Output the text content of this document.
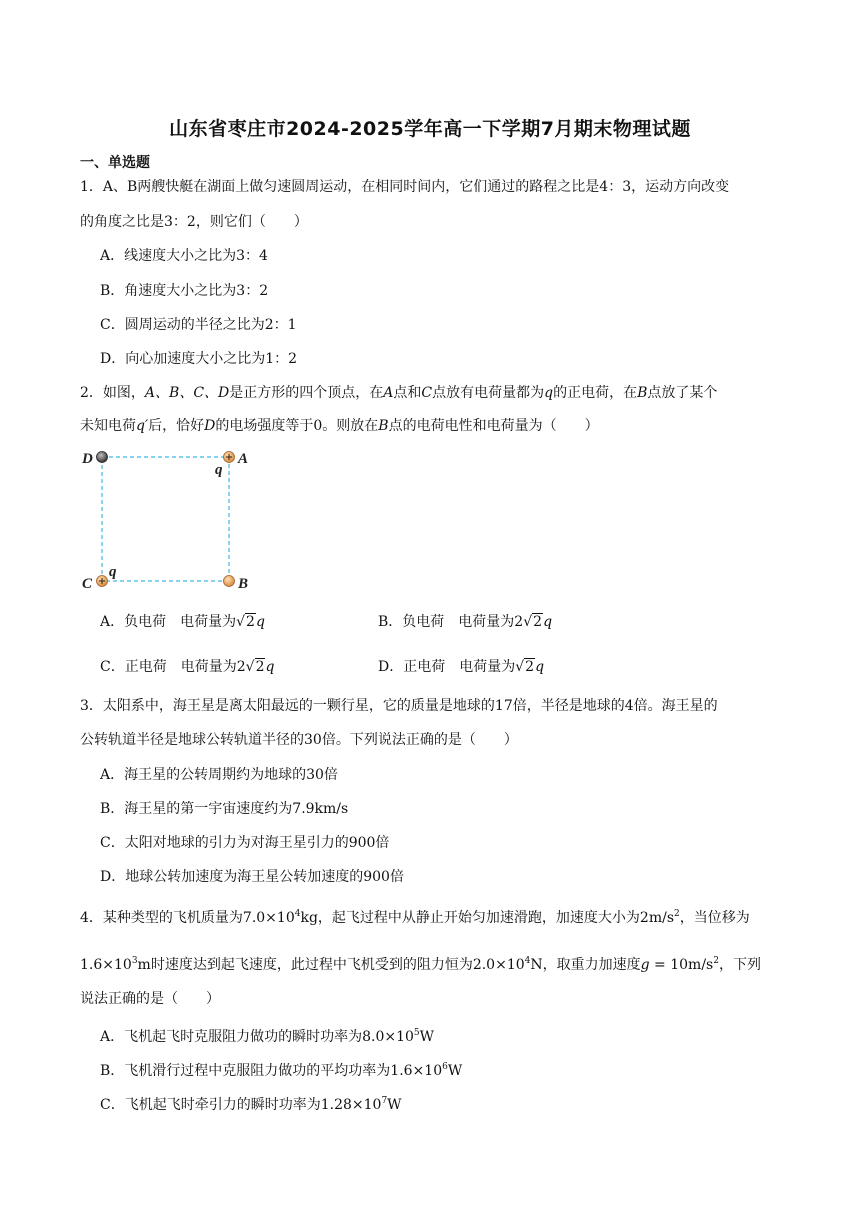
山东省枣庄市2024-2025学年高一下学期7月期末物理试题
一、单选题
1．A、B两艘快艇在湖面上做匀速圆周运动，在相同时间内，它们通过的路程之比是4：3，运动方向改变
的角度之比是3：2，则它们（　　）
A．线速度大小之比为3：4
B．角速度大小之比为3：2
C．圆周运动的半径之比为2：1
D．向心加速度大小之比为1：2
2．如图，A、B、C、D是正方形的四个顶点，在A点和C点放有电荷量都为q的正电荷，在B点放了某个
未知电荷q′后，恰好D的电场强度等于0。则放在B点的电荷电性和电荷量为（　　）
D	A
q
B
C
q
A．负电荷　电荷量为√2q	B．负电荷　电荷量为2√2q
C．正电荷　电荷量为2√2q	D．正电荷　电荷量为√2q
3．太阳系中，海王星是离太阳最远的一颗行星，它的质量是地球的17倍，半径是地球的4倍。海王星的
公转轨道半径是地球公转轨道半径的30倍。下列说法正确的是（　　）
A．海王星的公转周期约为地球的30倍
B．海王星的第一宇宙速度约为7.9km/s
C．太阳对地球的引力为对海王星引力的900倍
D．地球公转加速度为海王星公转加速度的900倍
4．某种类型的飞机质量为$7.0\times 10^4kg$，起飞过程中从静止开始匀加速滑跑，加速度大小为$2m/s^2$，当位移为
$1.6\times 10^3m$时速度达到起飞速度，此过程中飞机受到的阻力恒为$2.0\times 10^4N$，取重力加速度$g = 10m/s^2$，下列
说法正确的是（　　）
A．飞机起飞时克服阻力做功的瞬时功率为$8.0\times 10^5W$
B．飞机滑行过程中克服阻力做功的平均功率为$1.6\times 10^6W$
C．飞机起飞时牵引力的瞬时功率为$1.28\times 10^7W$
